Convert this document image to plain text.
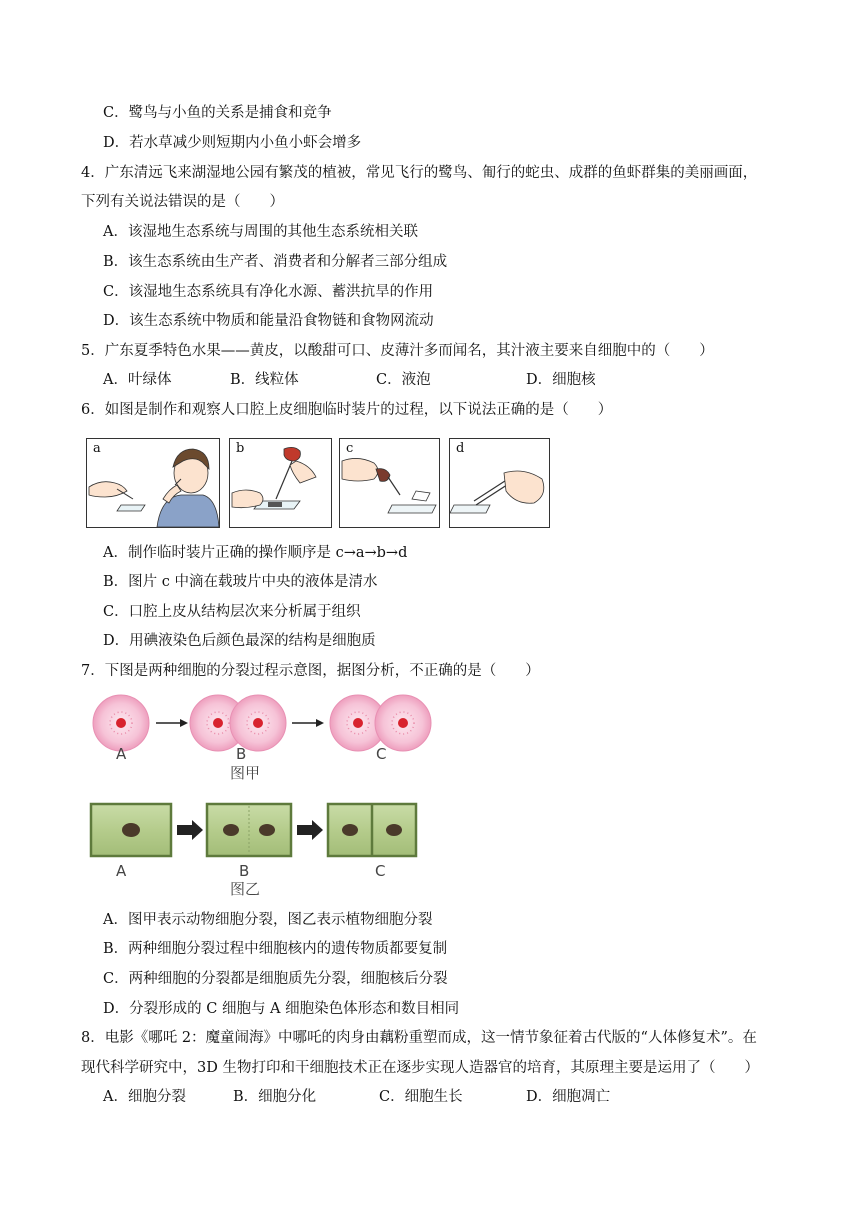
C．鹭鸟与小鱼的关系是捕食和竞争
D．若水草减少则短期内小鱼小虾会增多
4．广东清远飞来湖湿地公园有繁茂的植被，常见飞行的鹭鸟、匍行的蛇虫、成群的鱼虾群集的美丽画面，
下列有关说法错误的是（　　）
A．该湿地生态系统与周围的其他生态系统相关联
B．该生态系统由生产者、消费者和分解者三部分组成
C．该湿地生态系统具有净化水源、蓄洪抗旱的作用
D．该生态系统中物质和能量沿食物链和食物网流动
5．广东夏季特色水果——黄皮，以酸甜可口、皮薄汁多而闻名，其汁液主要来自细胞中的（　　）
A．叶绿体	B．线粒体	C．液泡	D．细胞核
6．如图是制作和观察人口腔上皮细胞临时装片的过程，以下说法正确的是（　　）
a	b	c	d
A．制作临时装片正确的操作顺序是 c→a→b→d
B．图片 c 中滴在载玻片中央的液体是清水
C．口腔上皮从结构层次来分析属于组织
D．用碘液染色后颜色最深的结构是细胞质
7．下图是两种细胞的分裂过程示意图，据图分析，不正确的是（　　）
A	B	C
图甲
A	B	C
图乙
A．图甲表示动物细胞分裂，图乙表示植物细胞分裂
B．两种细胞分裂过程中细胞核内的遗传物质都要复制
C．两种细胞的分裂都是细胞质先分裂，细胞核后分裂
D．分裂形成的 C 细胞与 A 细胞染色体形态和数目相同
8．电影《哪吒 2：魔童闹海》中哪吒的肉身由藕粉重塑而成，这一情节象征着古代版的“人体修复术”。在
现代科学研究中，3D 生物打印和干细胞技术正在逐步实现人造器官的培育，其原理主要是运用了（　　）
A．细胞分裂	B．细胞分化	C．细胞生长	D．细胞凋亡
